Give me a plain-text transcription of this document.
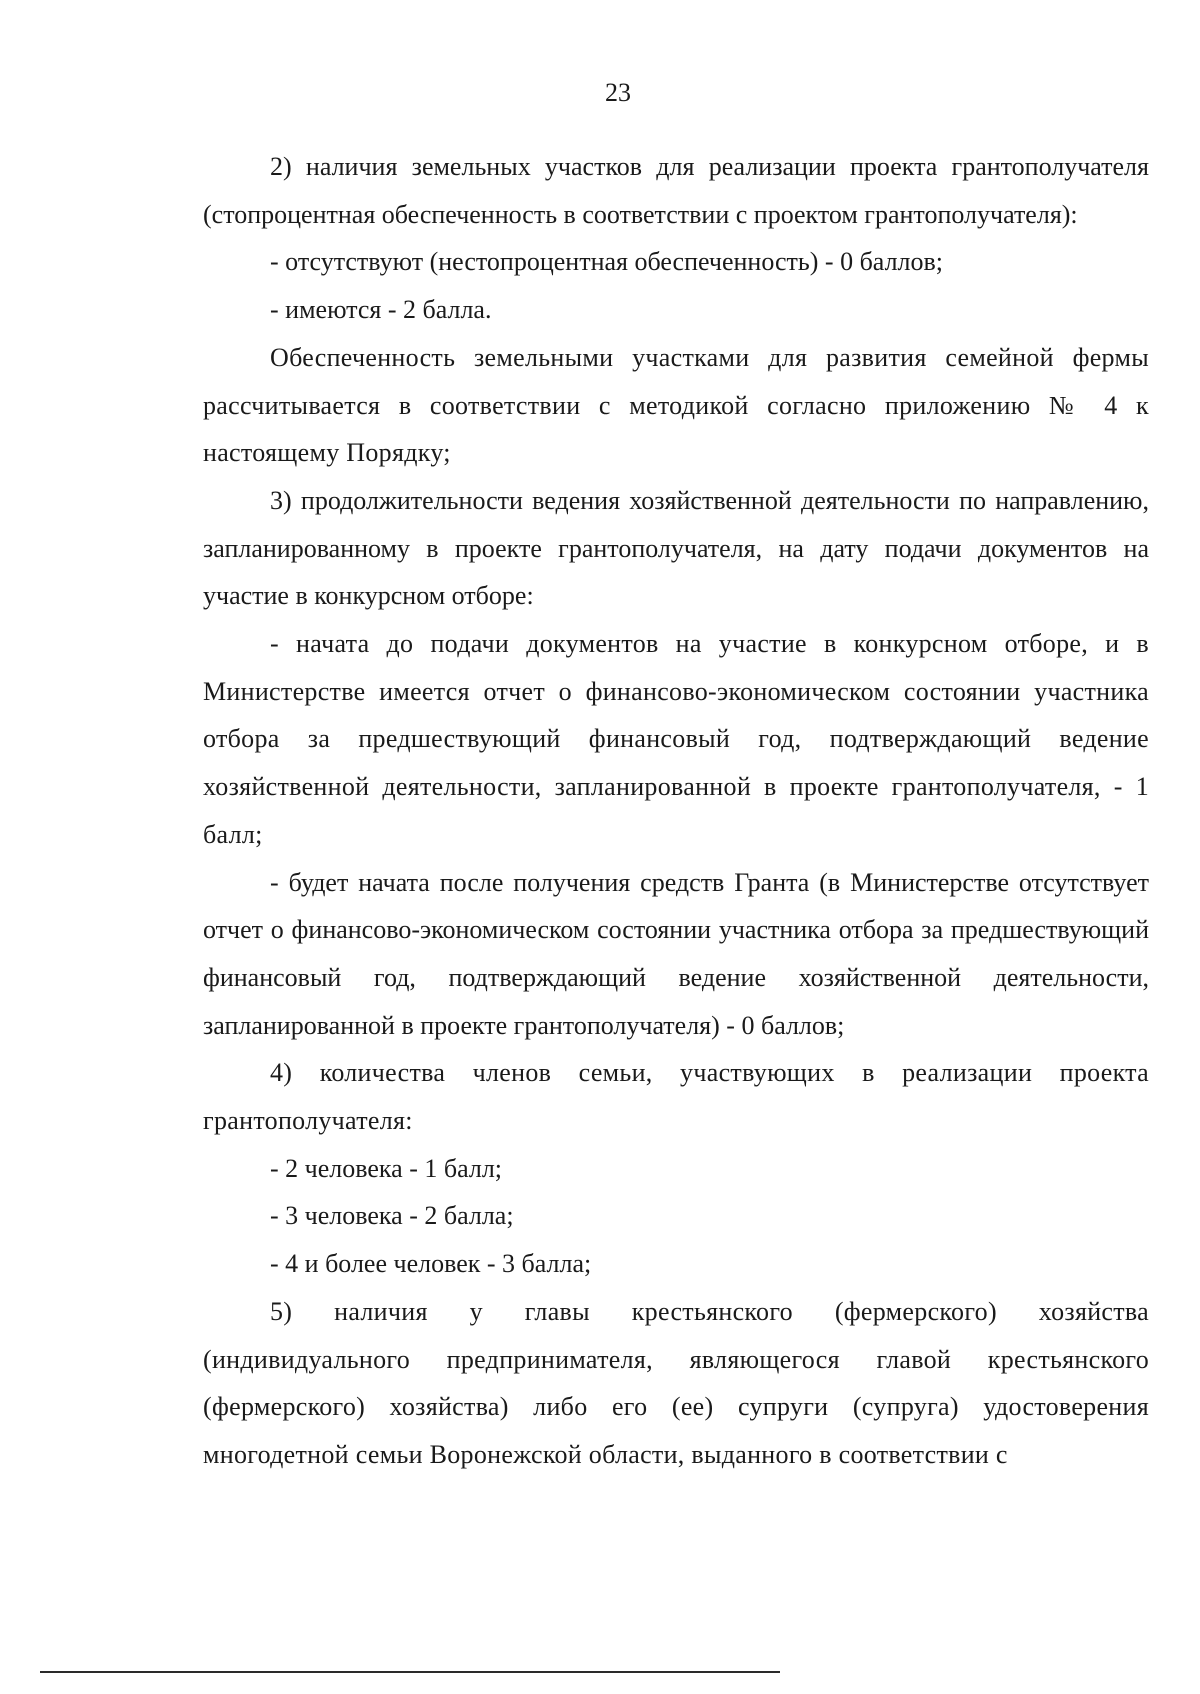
23

2) наличия земельных участков для реализации проекта грантополучателя (стопроцентная обеспеченность в соответствии с проектом грантополучателя):

- отсутствуют (нестопроцентная обеспеченность) - 0 баллов;

- имеются - 2 балла.

Обеспеченность земельными участками для развития семейной фермы рассчитывается в соответствии с методикой согласно приложению № 4 к настоящему Порядку;

3) продолжительности ведения хозяйственной деятельности по направлению, запланированному в проекте грантополучателя, на дату подачи документов на участие в конкурсном отборе:

- начата до подачи документов на участие в конкурсном отборе, и в Министерстве имеется отчет о финансово-экономическом состоянии участника отбора за предшествующий финансовый год, подтверждающий ведение хозяйственной деятельности, запланированной в проекте грантополучателя, - 1 балл;

- будет начата после получения средств Гранта (в Министерстве отсутствует отчет о финансово-экономическом состоянии участника отбора за предшествующий финансовый год, подтверждающий ведение хозяйственной деятельности, запланированной в проекте грантополучателя) - 0 баллов;

4) количества членов семьи, участвующих в реализации проекта грантополучателя:

- 2 человека - 1 балл;

- 3 человека - 2 балла;

- 4 и более человек - 3 балла;

5) наличия у главы крестьянского (фермерского) хозяйства (индивидуального предпринимателя, являющегося главой крестьянского (фермерского) хозяйства) либо его (ее) супруги (супруга) удостоверения многодетной семьи Воронежской области, выданного в соответствии с
